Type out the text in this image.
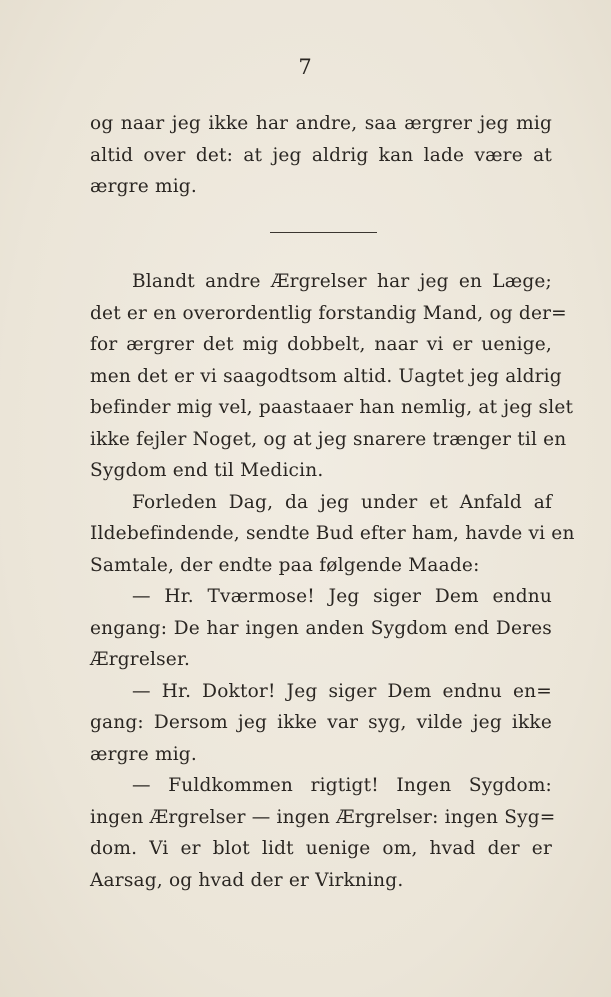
7
og naar jeg ikke har andre, saa ærgrer jeg mig
altid over det: at jeg aldrig kan lade være at
ærgre mig.
Blandt andre Ærgrelser har jeg en Læge;
det er en overordentlig forstandig Mand, og der=
for ærgrer det mig dobbelt, naar vi er uenige,
men det er vi saagodtsom altid. Uagtet jeg aldrig
befinder mig vel, paastaaer han nemlig, at jeg slet
ikke fejler Noget, og at jeg snarere trænger til en
Sygdom end til Medicin.
Forleden Dag, da jeg under et Anfald af
Ildebefindende, sendte Bud efter ham, havde vi en
Samtale, der endte paa følgende Maade:
— Hr. Tværmose! Jeg siger Dem endnu
engang: De har ingen anden Sygdom end Deres
Ærgrelser.
— Hr. Doktor! Jeg siger Dem endnu en=
gang: Dersom jeg ikke var syg, vilde jeg ikke
ærgre mig.
— Fuldkommen rigtigt! Ingen Sygdom:
ingen Ærgrelser — ingen Ærgrelser: ingen Syg=
dom. Vi er blot lidt uenige om, hvad der er
Aarsag, og hvad der er Virkning.
